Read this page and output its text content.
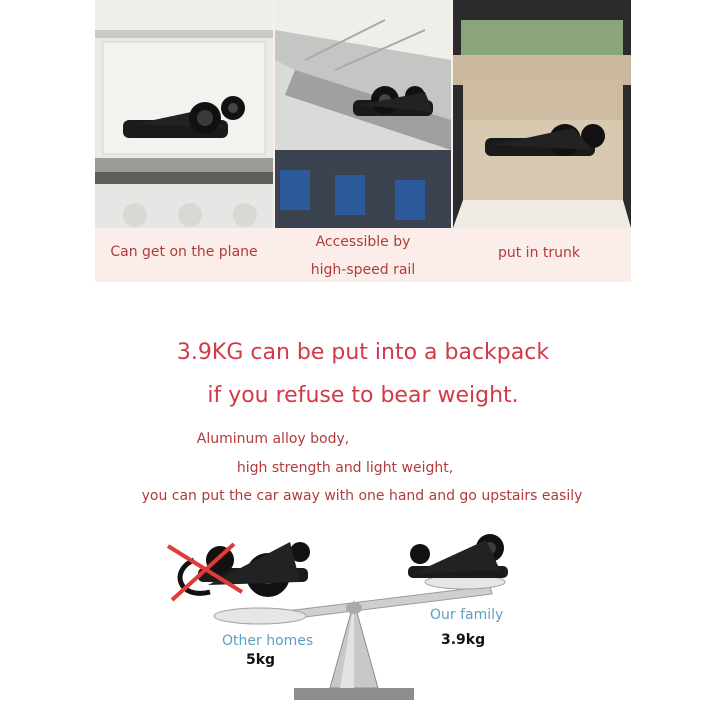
Can get on the plane
Accessible by
high-speed rail
put in trunk
3.9KG can be put into a backpack
if you refuse to bear weight.
Aluminum alloy body,
high strength and light weight,
you can put the car away with one hand and go upstairs easily
Other homes
5kg
Our family
3.9kg
